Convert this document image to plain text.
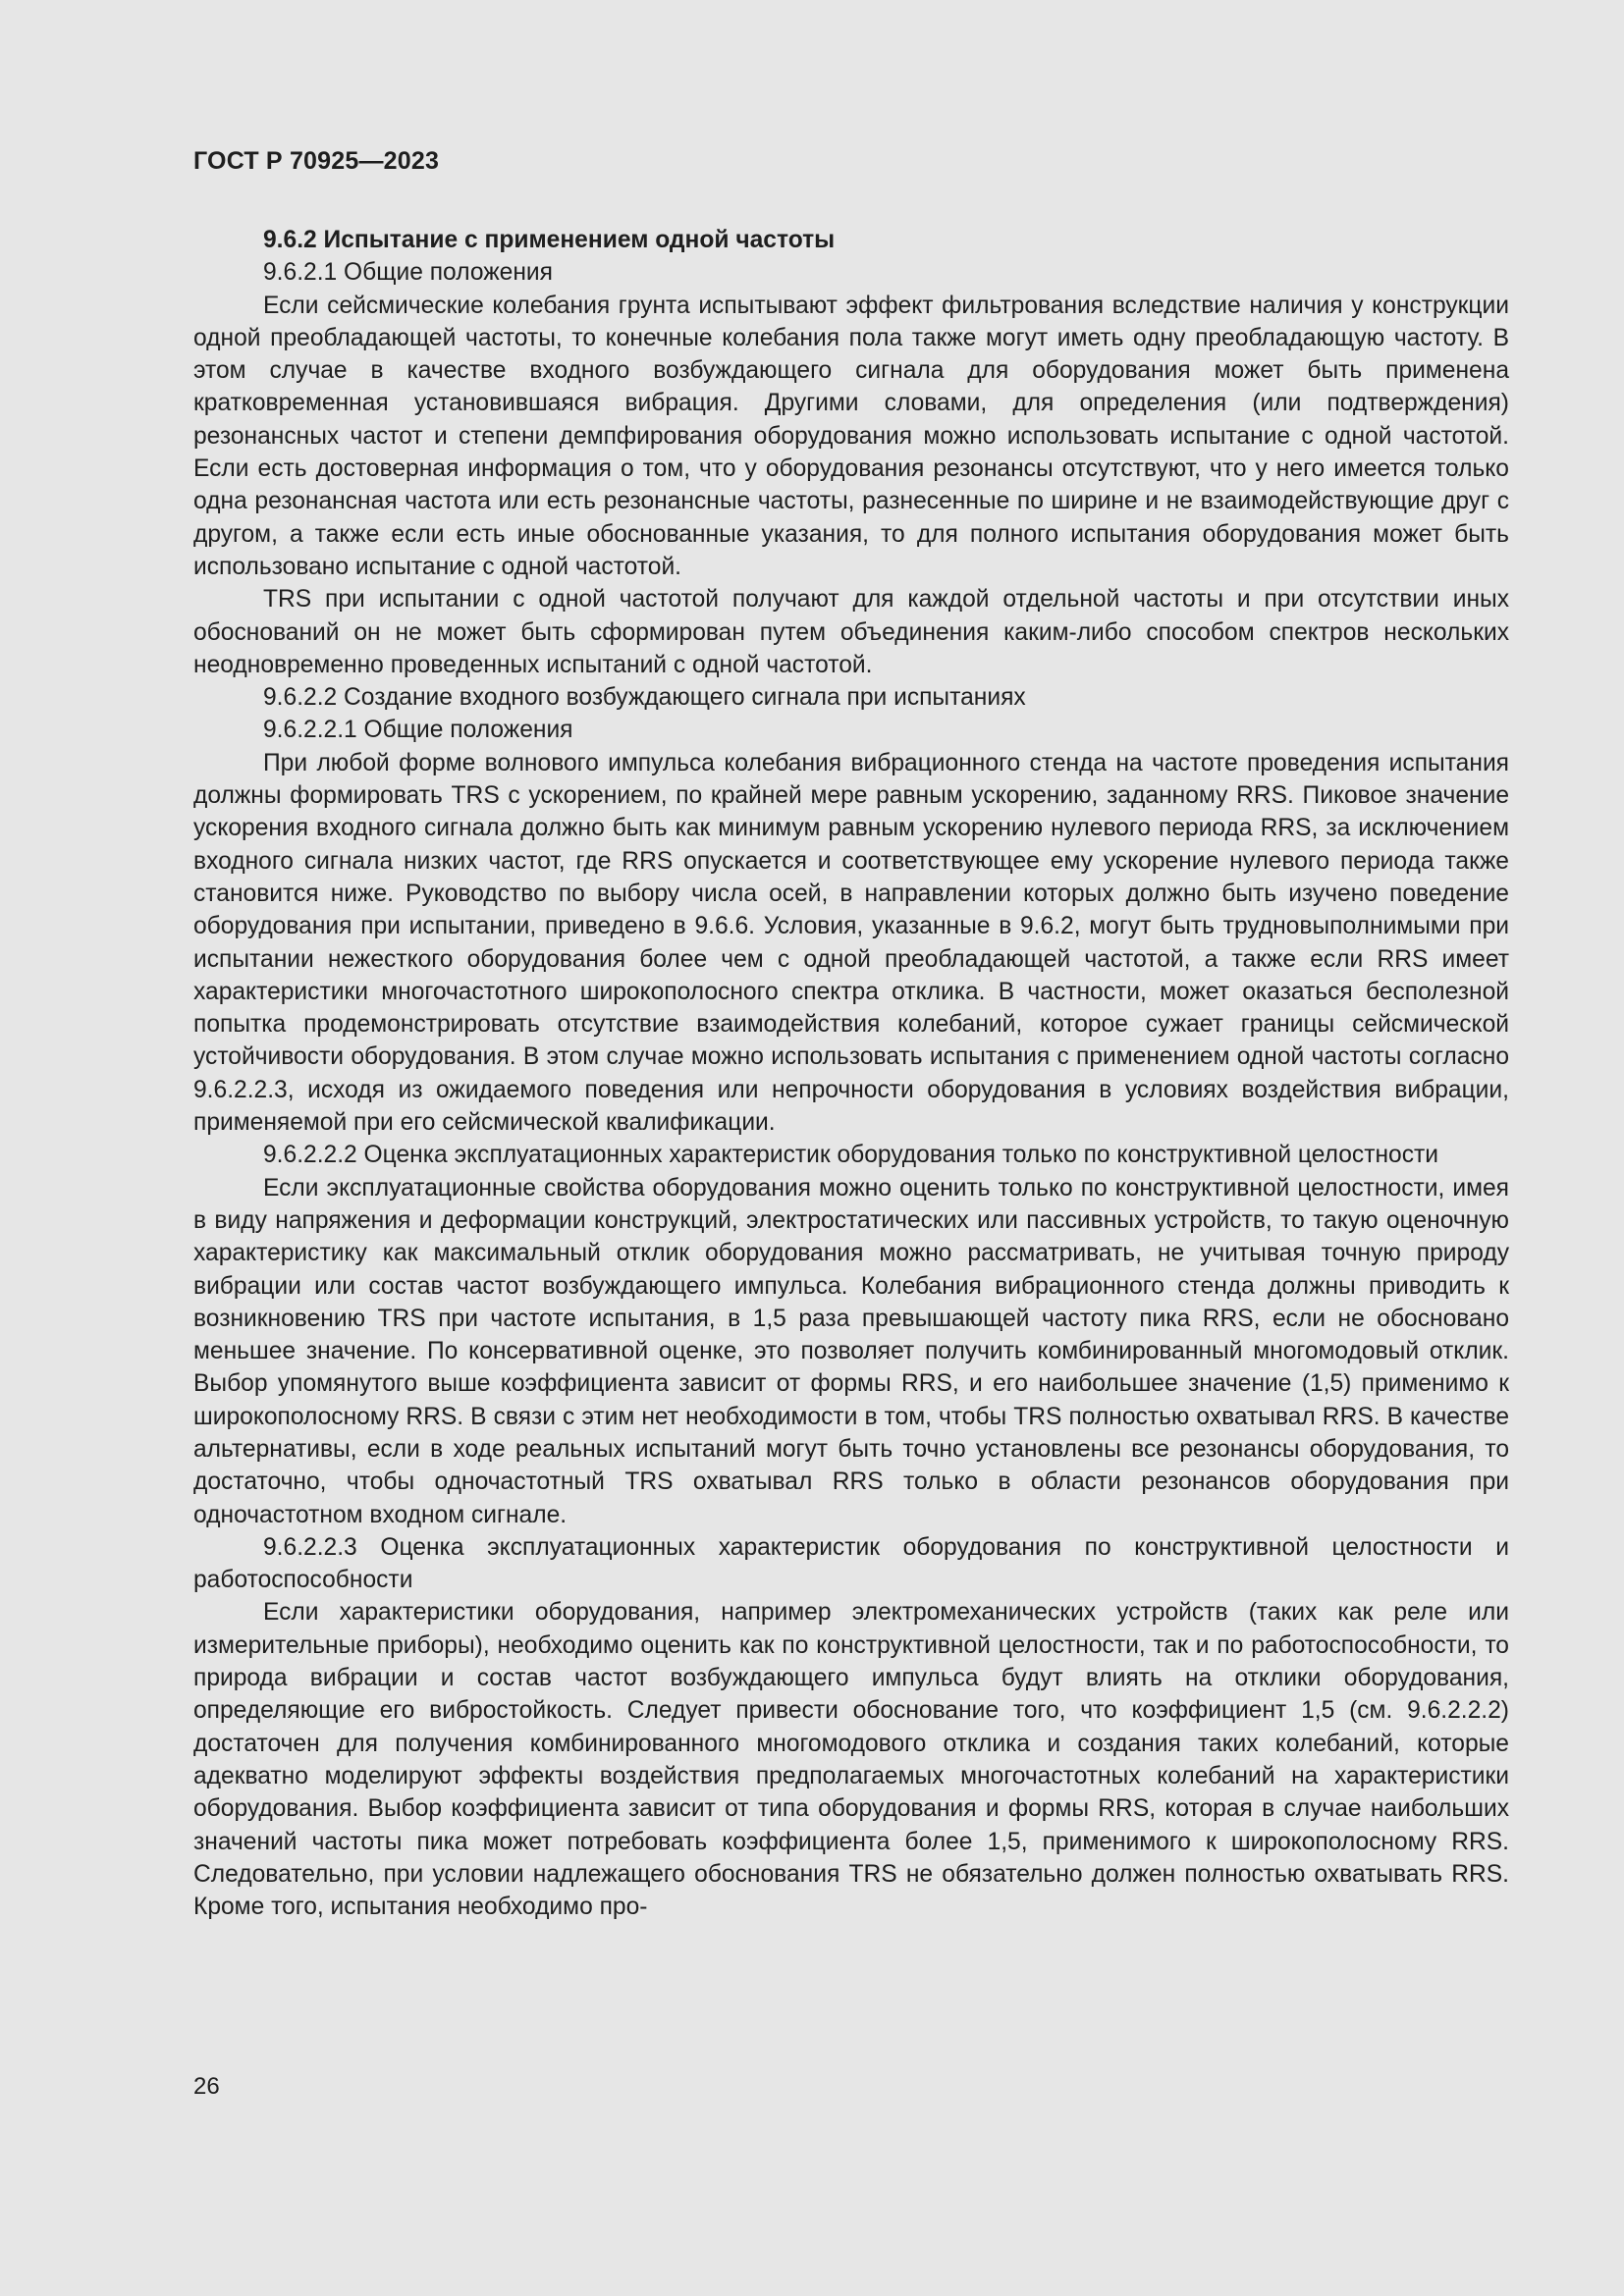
ГОСТ Р 70925—2023

9.6.2 Испытание с применением одной частоты

9.6.2.1 Общие положения

Если сейсмические колебания грунта испытывают эффект фильтрования вследствие наличия у конструкции одной преобладающей частоты, то конечные колебания пола также могут иметь одну преобладающую частоту. В этом случае в качестве входного возбуждающего сигнала для оборудования может быть применена кратковременная установившаяся вибрация. Другими словами, для определения (или подтверждения) резонансных частот и степени демпфирования оборудования можно использовать испытание с одной частотой. Если есть достоверная информация о том, что у оборудования резонансы отсутствуют, что у него имеется только одна резонансная частота или есть резонансные частоты, разнесенные по ширине и не взаимодействующие друг с другом, а также если есть иные обоснованные указания, то для полного испытания оборудования может быть использовано испытание с одной частотой.

TRS при испытании с одной частотой получают для каждой отдельной частоты и при отсутствии иных обоснований он не может быть сформирован путем объединения каким-либо способом спектров нескольких неодновременно проведенных испытаний с одной частотой.

9.6.2.2 Создание входного возбуждающего сигнала при испытаниях

9.6.2.2.1 Общие положения

При любой форме волнового импульса колебания вибрационного стенда на частоте проведения испытания должны формировать TRS с ускорением, по крайней мере равным ускорению, заданному RRS. Пиковое значение ускорения входного сигнала должно быть как минимум равным ускорению нулевого периода RRS, за исключением входного сигнала низких частот, где RRS опускается и соответствующее ему ускорение нулевого периода также становится ниже. Руководство по выбору числа осей, в направлении которых должно быть изучено поведение оборудования при испытании, приведено в 9.6.6. Условия, указанные в 9.6.2, могут быть трудновыполнимыми при испытании нежесткого оборудования более чем с одной преобладающей частотой, а также если RRS имеет характеристики многочастотного широкополосного спектра отклика. В частности, может оказаться бесполезной попытка продемонстрировать отсутствие взаимодействия колебаний, которое сужает границы сейсмической устойчивости оборудования. В этом случае можно использовать испытания с применением одной частоты согласно 9.6.2.2.3, исходя из ожидаемого поведения или непрочности оборудования в условиях воздействия вибрации, применяемой при его сейсмической квалификации.

9.6.2.2.2 Оценка эксплуатационных характеристик оборудования только по конструктивной целостности

Если эксплуатационные свойства оборудования можно оценить только по конструктивной целостности, имея в виду напряжения и деформации конструкций, электростатических или пассивных устройств, то такую оценочную характеристику как максимальный отклик оборудования можно рассматривать, не учитывая точную природу вибрации или состав частот возбуждающего импульса. Колебания вибрационного стенда должны приводить к возникновению TRS при частоте испытания, в 1,5 раза превышающей частоту пика RRS, если не обосновано меньшее значение. По консервативной оценке, это позволяет получить комбинированный многомодовый отклик. Выбор упомянутого выше коэффициента зависит от формы RRS, и его наибольшее значение (1,5) применимо к широкополосному RRS. В связи с этим нет необходимости в том, чтобы TRS полностью охватывал RRS. В качестве альтернативы, если в ходе реальных испытаний могут быть точно установлены все резонансы оборудования, то достаточно, чтобы одночастотный TRS охватывал RRS только в области резонансов оборудования при одночастотном входном сигнале.

9.6.2.2.3 Оценка эксплуатационных характеристик оборудования по конструктивной целостности и работоспособности

Если характеристики оборудования, например электромеханических устройств (таких как реле или измерительные приборы), необходимо оценить как по конструктивной целостности, так и по работоспособности, то природа вибрации и состав частот возбуждающего импульса будут влиять на отклики оборудования, определяющие его вибростойкость. Следует привести обоснование того, что коэффициент 1,5 (см. 9.6.2.2.2) достаточен для получения комбинированного многомодового отклика и создания таких колебаний, которые адекватно моделируют эффекты воздействия предполагаемых многочастотных колебаний на характеристики оборудования. Выбор коэффициента зависит от типа оборудования и формы RRS, которая в случае наибольших значений частоты пика может потребовать коэффициента более 1,5, применимого к широкополосному RRS. Следовательно, при условии надлежащего обоснования TRS не обязательно должен полностью охватывать RRS. Кроме того, испытания необходимо про-

26
